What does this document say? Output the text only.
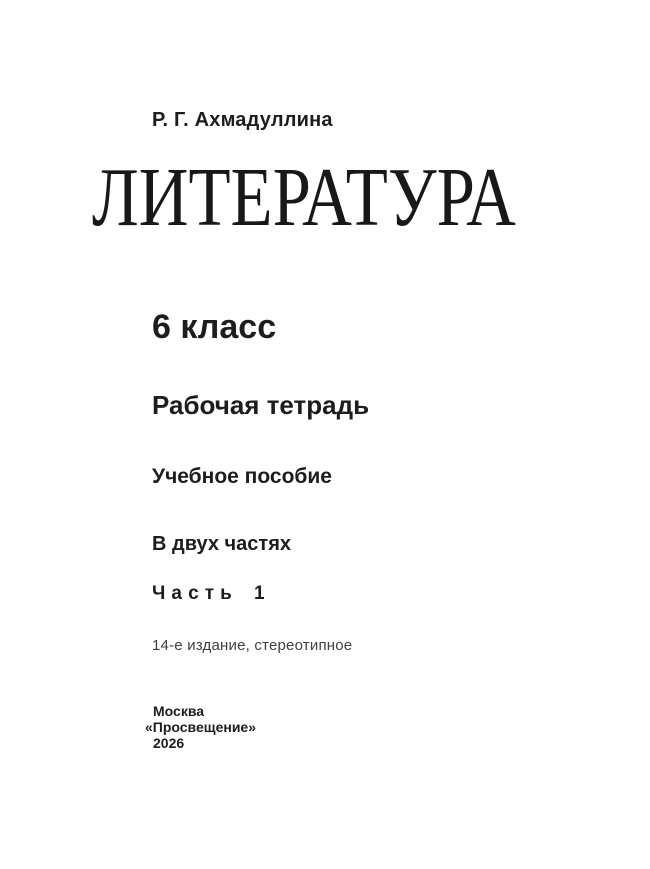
Р. Г. Ахмадуллина
ЛИТЕРАТУРА
6 класс
Рабочая тетрадь
Учебное пособие
В двух частях
Часть 1
14-е издание, стереотипное
Москва
«Просвещение»
2026
